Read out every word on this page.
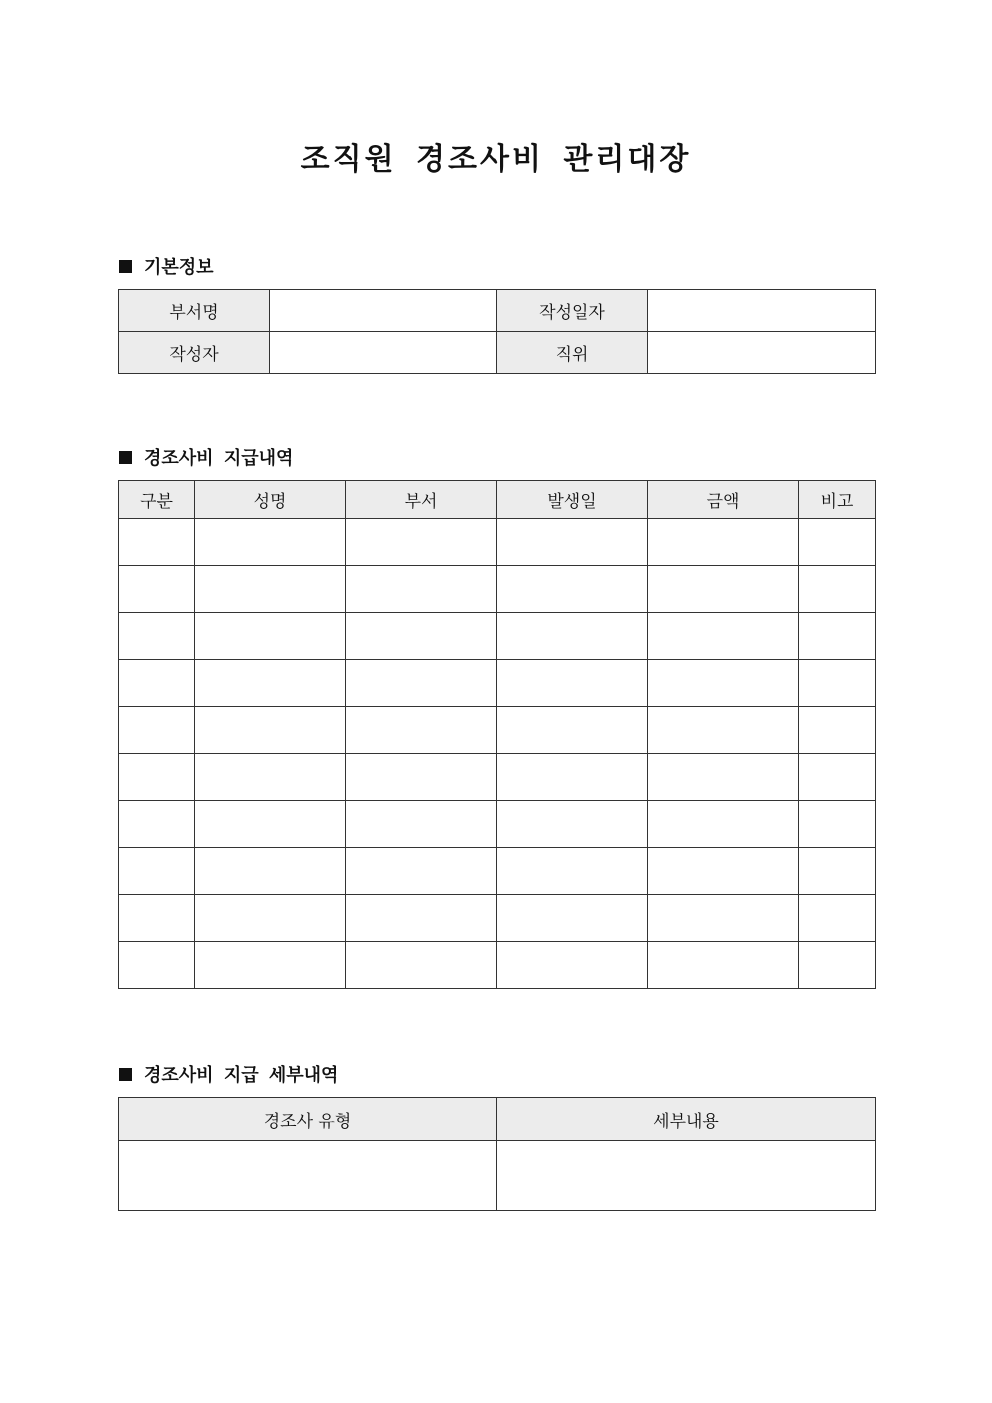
조직원 경조사비 관리대장
기본정보
부서명		작성일자	
작성자		직위	
경조사비 지급내역
구분	성명	부서	발생일	금액	비고

경조사비 지급 세부내역
경조사 유형	세부내용
